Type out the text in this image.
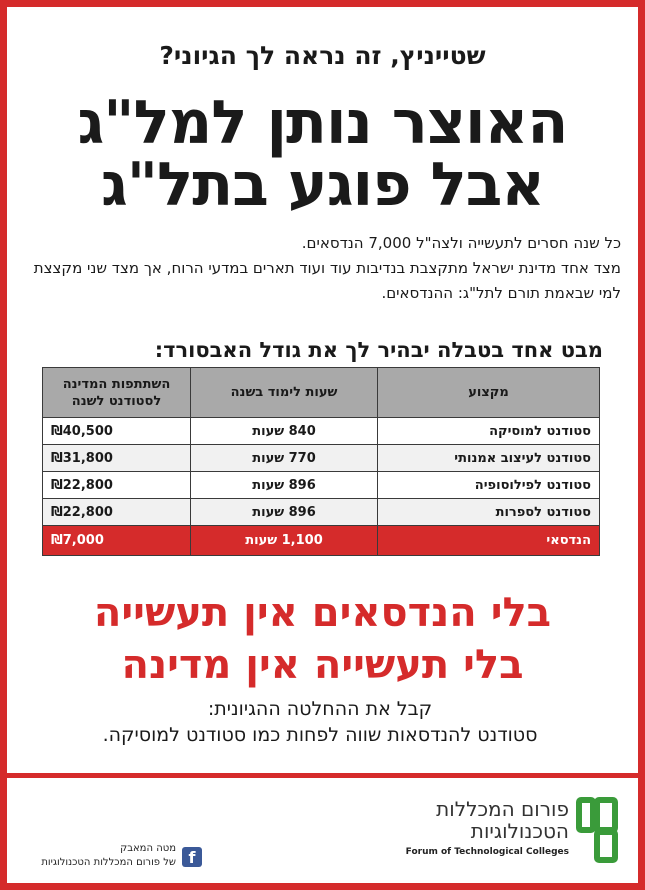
שטייניץ, זה נראה לך הגיוני?
האוצר נותן למל"ג
אבל פוגע בתל"ג

כל שנה חסרים לתעשייה ולצה"ל 7,000 הנדסאים.

מצד אחד מדינת ישראל מתקצבת בנדיבות עוד ועוד תארים במדעי הרוח, אך מצד שני מקצצת למי שבאמת תורם לתל"ג: ההנדסאים.

מבט אחד בטבלה יבהיר לך את גודל האבסורד:
מקצוע	שעות לימוד בשנה	השתתפות המדינה לסטודנט לשנה
סטודנט למוסיקה	840 שעות	₪40,500
סטודנט לעיצוב אמנותי	770 שעות	₪31,800
סטודנט לפילוסופיה	896 שעות	₪22,800
סטודנט לספרות	896 שעות	₪22,800
הנדסאי	1,100 שעות	₪7,000
בלי הנדסאים אין תעשייה
בלי תעשייה אין מדינה

קבל את ההחלטה ההגיונית:

סטודנט להנדסאות שווה לפחות כמו סטודנט למוסיקה.

פורום המכללות
הטכנולוגיות
Forum of Technological Colleges
f
מטה המאבק
של פורום המכללות הטכנולוגיות
